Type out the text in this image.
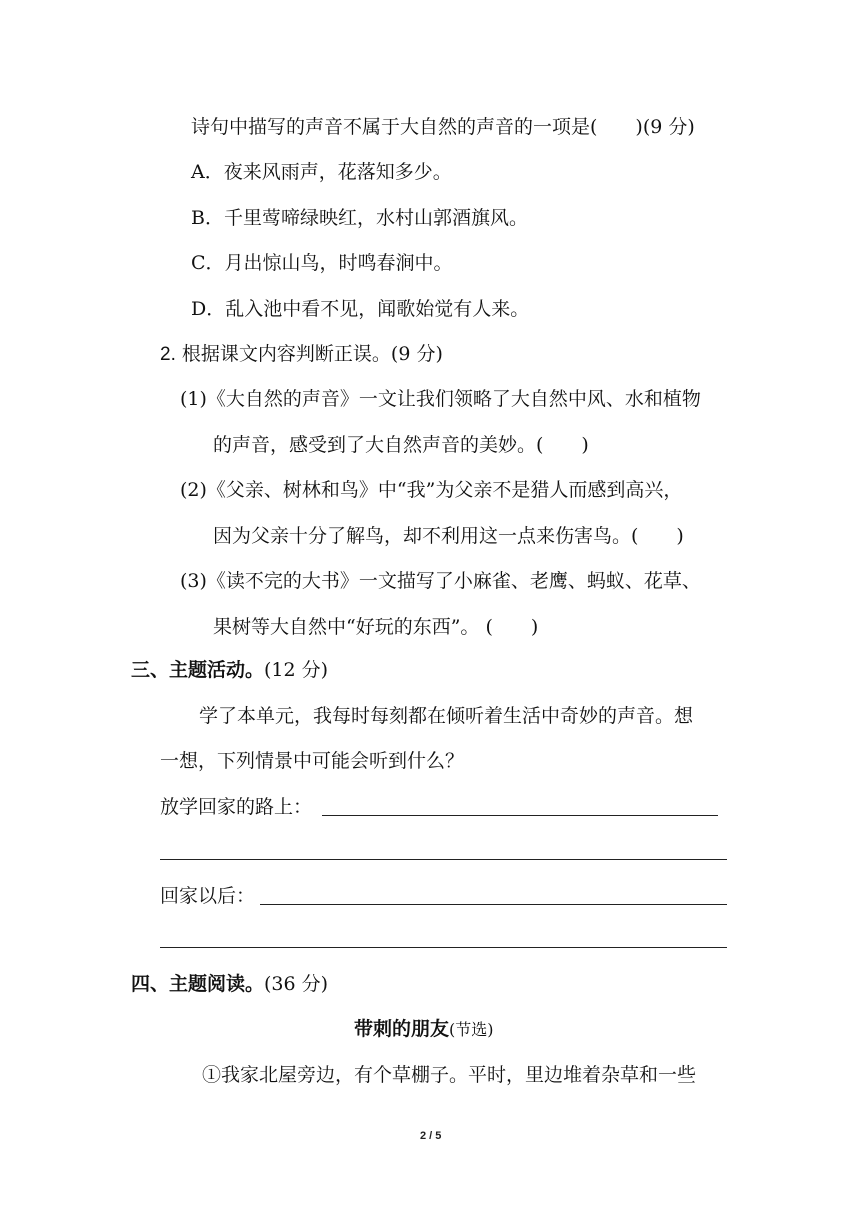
诗句中描写的声音不属于大自然的声音的一项是(　　)(9 分)
A．夜来风雨声，花落知多少。
B．千里莺啼绿映红，水村山郭酒旗风。
C．月出惊山鸟，时鸣春涧中。
D．乱入池中看不见，闻歌始觉有人来。
2. 根据课文内容判断正误。(9 分)
(1)《大自然的声音》一文让我们领略了大自然中风、水和植物
的声音，感受到了大自然声音的美妙。(　　)
(2)《父亲、树林和鸟》中“我”为父亲不是猎人而感到高兴，
因为父亲十分了解鸟，却不利用这一点来伤害鸟。(　　)
(3)《读不完的大书》一文描写了小麻雀、老鹰、蚂蚁、花草、
果树等大自然中“好玩的东西”。 (　　)
三、主题活动。(12 分)
学了本单元，我每时每刻都在倾听着生活中奇妙的声音。想
一想，下列情景中可能会听到什么？
放学回家的路上：
回家以后：
四、主题阅读。(36 分)
带刺的朋友(节选)
①我家北屋旁边，有个草棚子。平时，里边堆着杂草和一些
2 / 5
